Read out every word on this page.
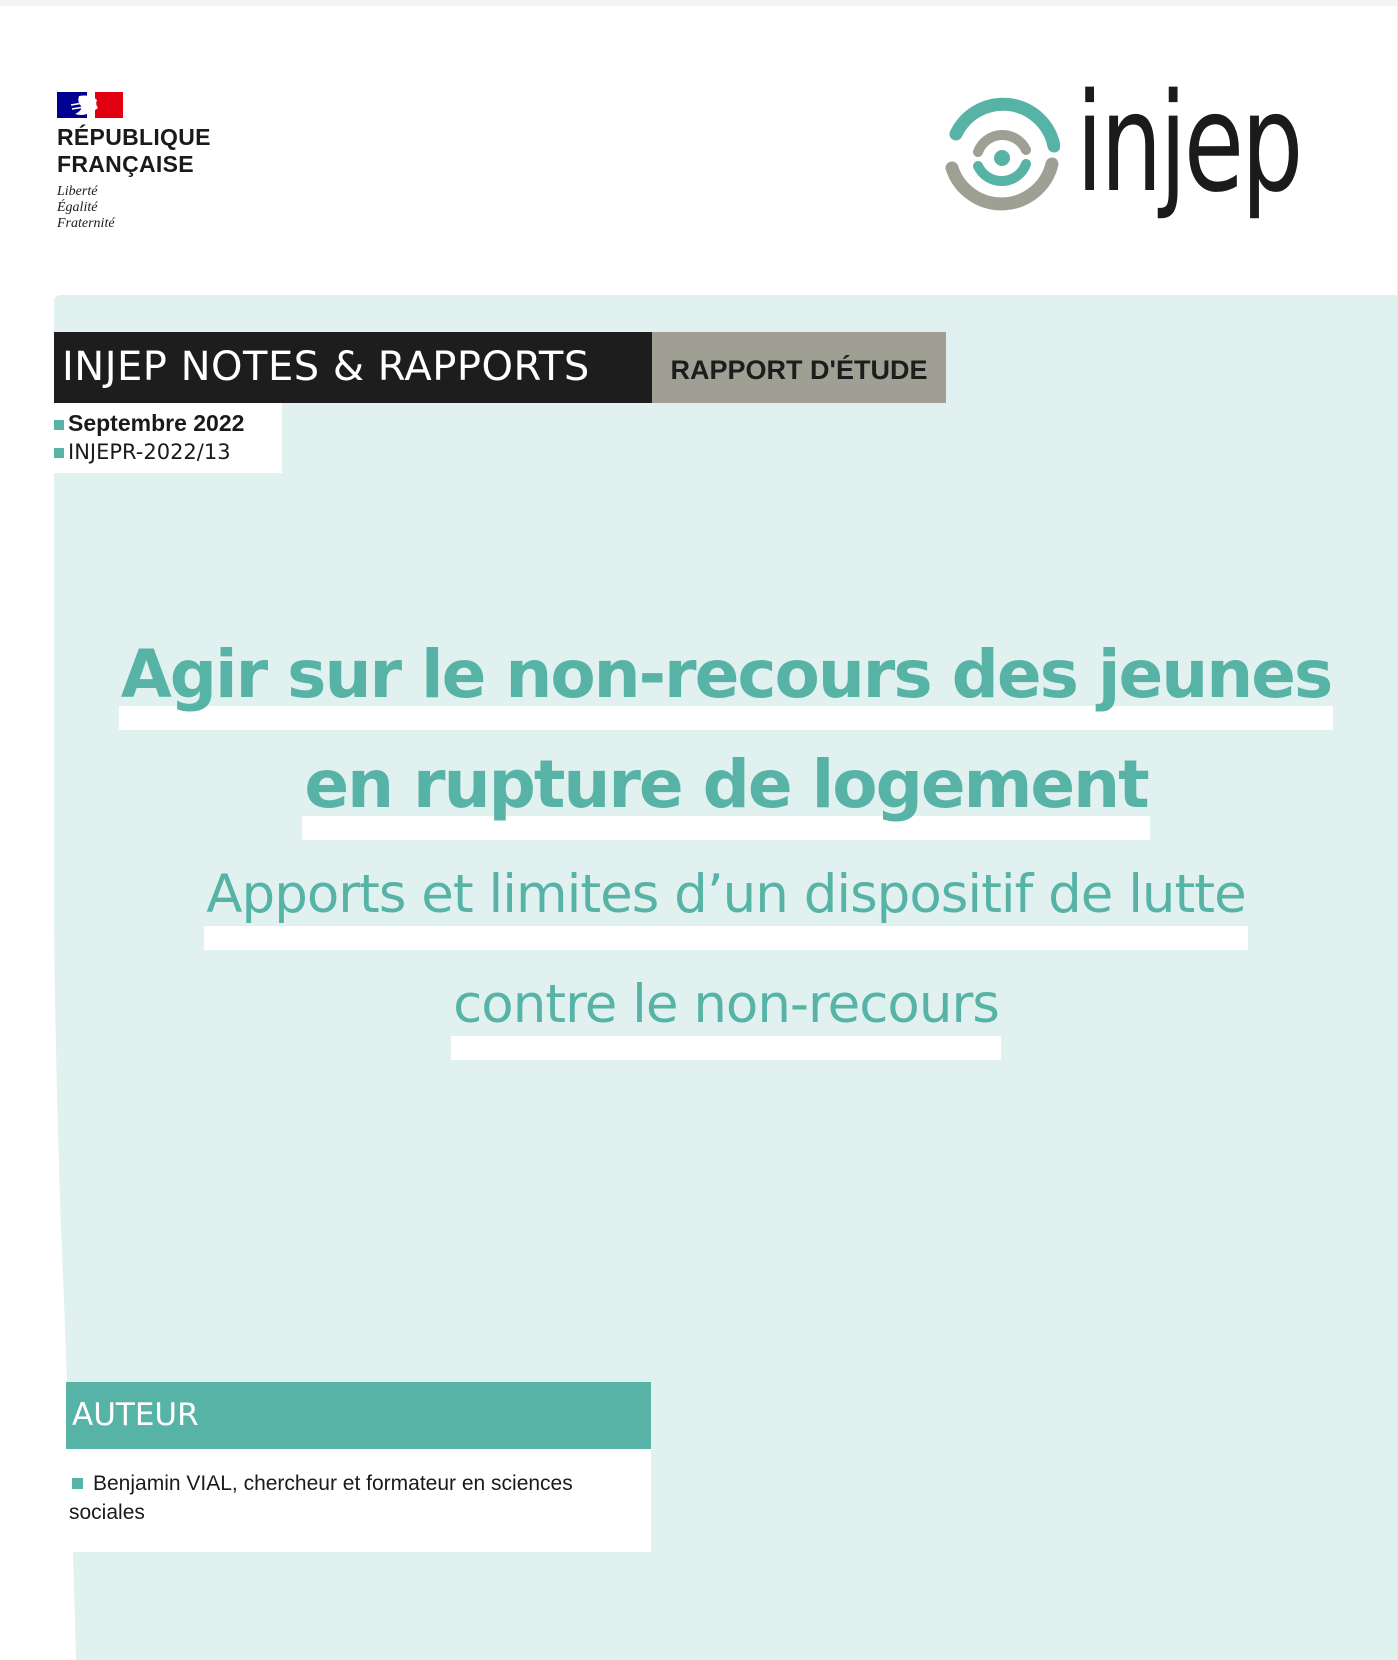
RÉPUBLIQUE
FRANÇAISE
Liberté
Égalité
Fraternité
injep
INJEP NOTES & RAPPORTS	RAPPORT D'ÉTUDE
Septembre 2022
INJEPR-2022/13
Agir sur le non-recours des jeunes
en rupture de logement
Apports et limites d’un dispositif de lutte
contre le non-recours
AUTEUR
Benjamin VIAL, chercheur et formateur en sciences sociales
